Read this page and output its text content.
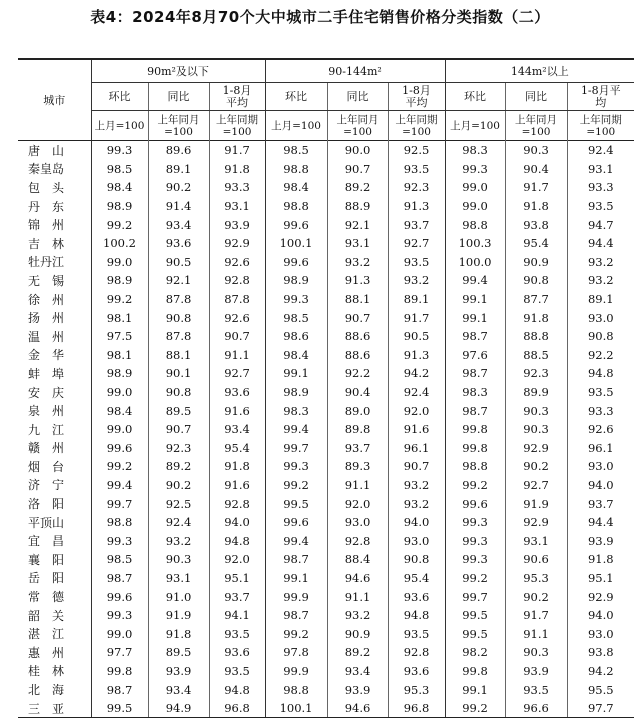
表4：2024年8月70个大中城市二手住宅销售价格分类指数（二）
城市	90m²及以下			90-144m²			144m²以上		
	环比	同比	1-8月平均	环比	同比	1-8月平均	环比	同比	1-8月平均
	上月=100	上年同月=100	上年同期=100	上月=100	上年同月=100	上年同期=100	上月=100	上年同月=100	上年同期=100
唐　山	99.3	89.6	91.7	98.5	90.0	92.5	98.3	90.3	92.4
秦皇岛	98.5	89.1	91.8	98.8	90.7	93.5	99.3	90.4	93.1
包　头	98.4	90.2	93.3	98.4	89.2	92.3	99.0	91.7	93.3
丹　东	98.9	91.4	93.1	98.8	88.9	91.3	99.0	91.8	93.5
锦　州	99.2	93.4	93.9	99.6	92.1	93.7	98.8	93.8	94.7
吉　林	100.2	93.6	92.9	100.1	93.1	92.7	100.3	95.4	94.4
牡丹江	99.0	90.5	92.6	99.6	93.2	93.5	100.0	90.9	93.2
无　锡	98.9	92.1	92.8	98.9	91.3	93.2	99.4	90.8	93.2
徐　州	99.2	87.8	87.8	99.3	88.1	89.1	99.1	87.7	89.1
扬　州	98.1	90.8	92.6	98.5	90.7	91.7	99.1	91.8	93.0
温　州	97.5	87.8	90.7	98.6	88.6	90.5	98.7	88.8	90.8
金　华	98.1	88.1	91.1	98.4	88.6	91.3	97.6	88.5	92.2
蚌　埠	98.9	90.1	92.7	99.1	92.2	94.2	98.7	92.3	94.8
安　庆	99.0	90.8	93.6	98.9	90.4	92.4	98.3	89.9	93.5
泉　州	98.4	89.5	91.6	98.3	89.0	92.0	98.7	90.3	93.3
九　江	99.0	90.7	93.4	99.4	89.8	91.6	99.8	90.3	92.6
赣　州	99.6	92.3	95.4	99.7	93.7	96.1	99.8	92.9	96.1
烟　台	99.2	89.2	91.8	99.3	89.3	90.7	98.8	90.2	93.0
济　宁	99.4	90.2	91.6	99.2	91.1	93.2	99.2	92.7	94.0
洛　阳	99.7	92.5	92.8	99.5	92.0	93.2	99.6	91.9	93.7
平顶山	98.8	92.4	94.0	99.6	93.0	94.0	99.3	92.9	94.4
宜　昌	99.3	93.2	94.8	99.4	92.8	93.0	99.3	93.1	93.9
襄　阳	98.5	90.3	92.0	98.7	88.4	90.8	99.3	90.6	91.8
岳　阳	98.7	93.1	95.1	99.1	94.6	95.4	99.2	95.3	95.1
常　德	99.6	91.0	93.7	99.9	91.1	93.6	99.7	90.2	92.9
韶　关	99.3	91.9	94.1	98.7	93.2	94.8	99.5	91.7	94.0
湛　江	99.0	91.8	93.5	99.2	90.9	93.5	99.5	91.1	93.0
惠　州	97.7	89.5	93.6	97.8	89.2	92.8	98.2	90.3	93.8
桂　林	99.8	93.9	93.5	99.9	93.4	93.6	99.8	93.9	94.2
北　海	98.7	93.4	94.8	98.8	93.9	95.3	99.1	93.5	95.5
三　亚	99.5	94.9	96.8	100.1	94.6	96.8	99.2	96.6	97.7
